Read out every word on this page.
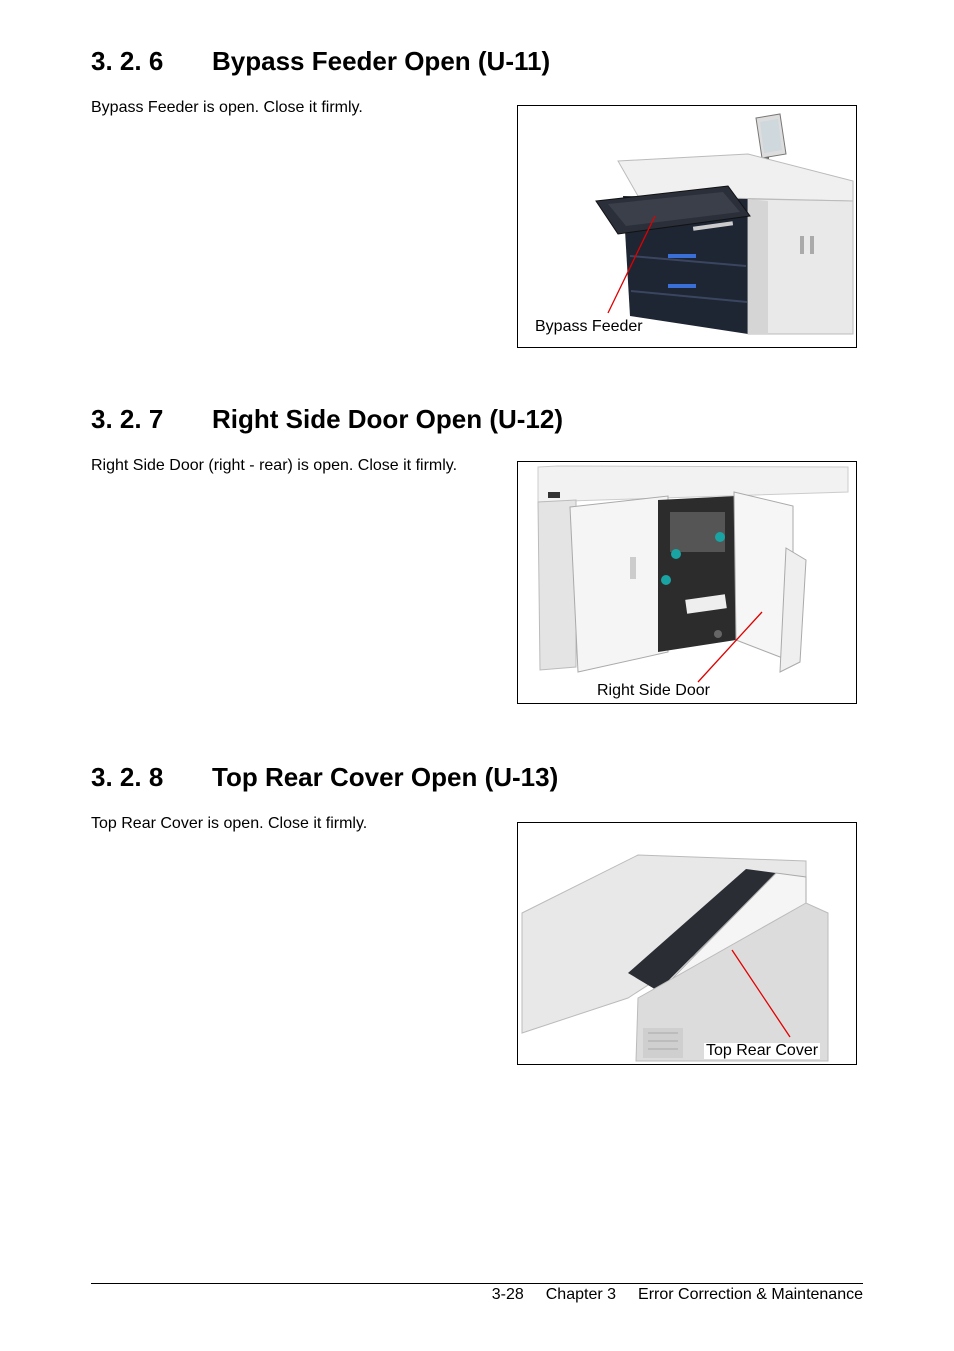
3. 2. 6 Bypass Feeder Open (U-11)
Bypass Feeder is open. Close it firmly.
Bypass Feeder
3. 2. 7 Right Side Door Open (U-12)
Right Side Door (right - rear) is open. Close it firmly.
Right Side Door
3. 2. 8 Top Rear Cover Open (U-13)
Top Rear Cover is open. Close it firmly.
Top Rear Cover
3-28 Chapter 3 Error Correction & Maintenance
